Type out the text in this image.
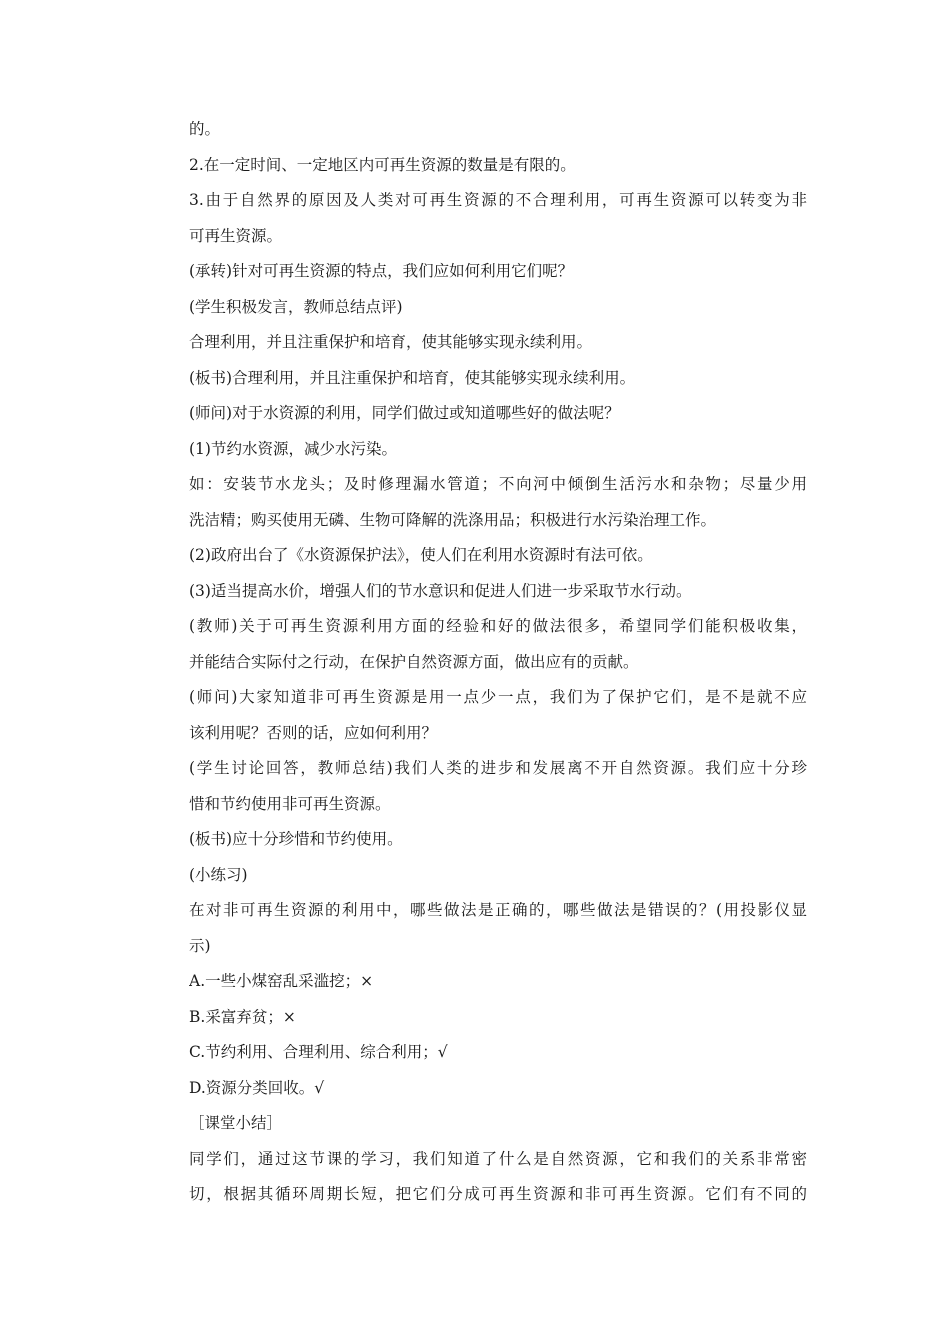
的。
2.在一定时间、一定地区内可再生资源的数量是有限的。
3.由于自然界的原因及人类对可再生资源的不合理利用，可再生资源可以转变为非
可再生资源。
(承转)针对可再生资源的特点，我们应如何利用它们呢？
(学生积极发言，教师总结点评)
合理利用，并且注重保护和培育，使其能够实现永续利用。
(板书)合理利用，并且注重保护和培育，使其能够实现永续利用。
(师问)对于水资源的利用，同学们做过或知道哪些好的做法呢？
(1)节约水资源，减少水污染。
如：安装节水龙头；及时修理漏水管道；不向河中倾倒生活污水和杂物；尽量少用
洗洁精；购买使用无磷、生物可降解的洗涤用品；积极进行水污染治理工作。
(2)政府出台了《水资源保护法》，使人们在利用水资源时有法可依。
(3)适当提高水价，增强人们的节水意识和促进人们进一步采取节水行动。
(教师)关于可再生资源利用方面的经验和好的做法很多，希望同学们能积极收集，
并能结合实际付之行动，在保护自然资源方面，做出应有的贡献。
(师问)大家知道非可再生资源是用一点少一点，我们为了保护它们，是不是就不应
该利用呢？否则的话，应如何利用？
(学生讨论回答，教师总结)我们人类的进步和发展离不开自然资源。我们应十分珍
惜和节约使用非可再生资源。
(板书)应十分珍惜和节约使用。
(小练习)
在对非可再生资源的利用中，哪些做法是正确的，哪些做法是错误的？(用投影仪显
示)
A.一些小煤窑乱采滥挖；×
B.采富弃贫；×
C.节约利用、合理利用、综合利用；√
D.资源分类回收。√
［课堂小结］
同学们，通过这节课的学习，我们知道了什么是自然资源，它和我们的关系非常密
切，根据其循环周期长短，把它们分成可再生资源和非可再生资源。它们有不同的
